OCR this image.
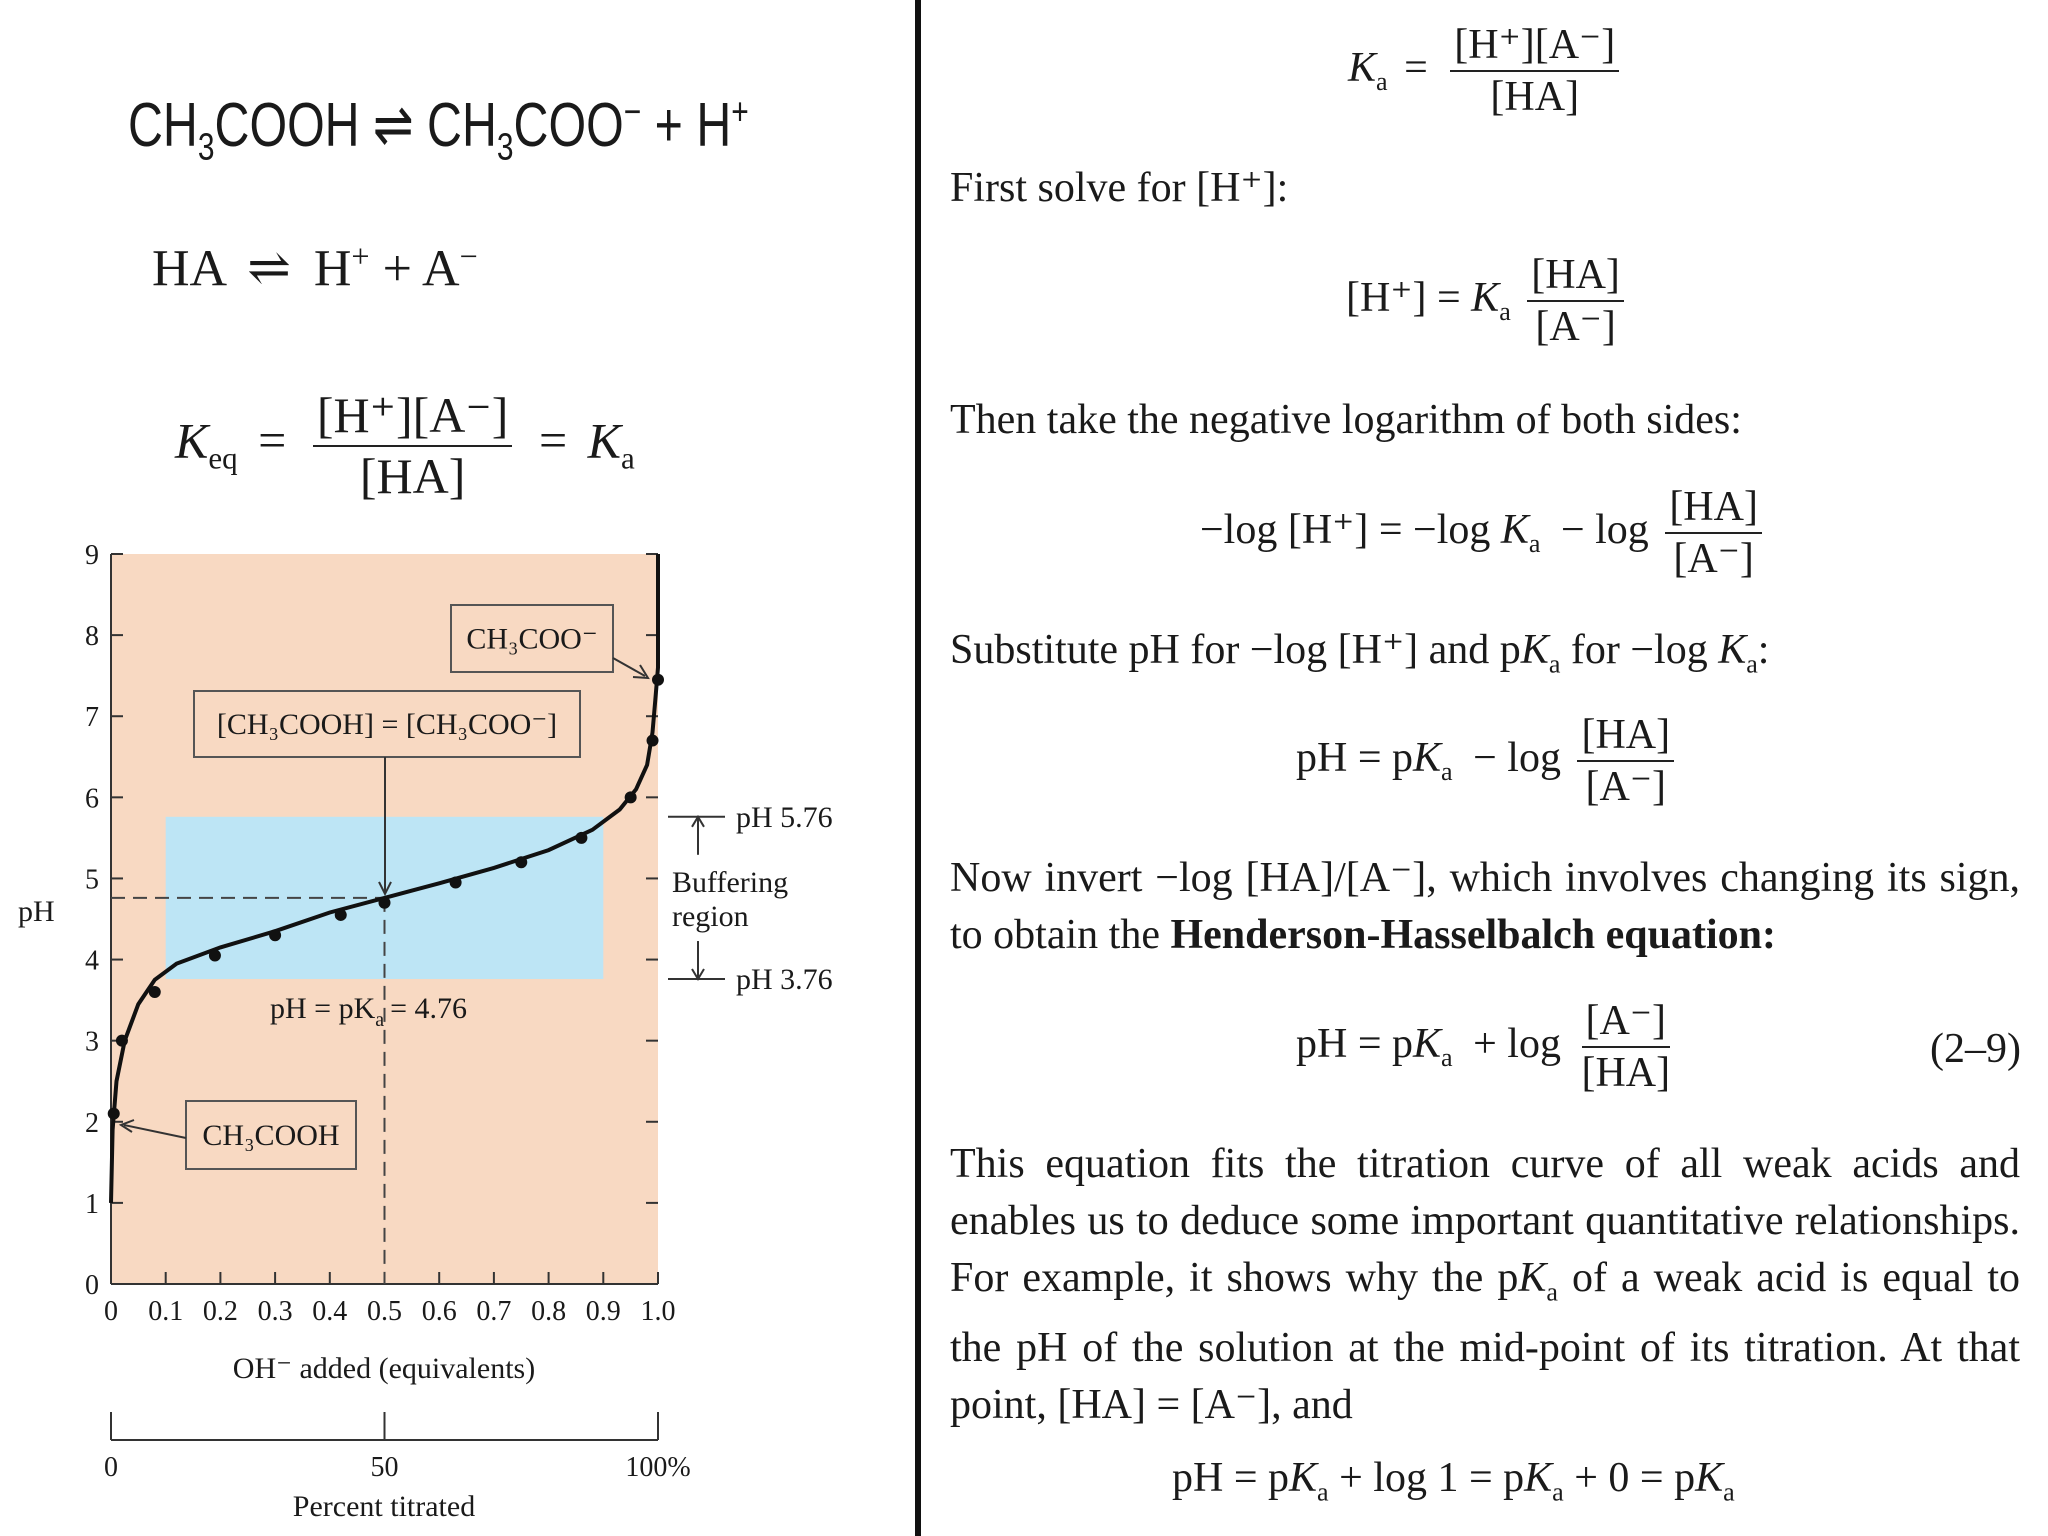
$CH_3COOH$ ⇌ $CH_3COO^- + H^+$
HA ⇌ H+ + A−
$K_{eq} = \frac{[H^+][A^-]}{[HA]} = K_a$
0
1
2
3
4
5
6
7
8
9
0 0.1 0.2 0.3 0.4 0.5 0.6 0.7 0.8 0.9 1.0
pH 5.76
pH 3.76
Buffering
region
pH = $pK_a = 4.76$
CH₃COO⁻
[CH₃COOH] = [CH₃COO⁻]
CH₃COOH
pH
OH⁻ added (equivalents)
0	50	100%
Percent titrated
$K_a = \frac{[H^+][A^-]}{[HA]}$
First solve for [H⁺]:
$[H^+] = K_a \frac{[HA]}{[A^-]}$
Then take the negative logarithm of both sides:
−log [H⁺] = −log $K_a - \log \frac{[HA]}{[A^-]}$
Substitute pH for −log [H⁺] and $pK_a$ for −log $K_a$:
pH = $pK_a - \log \frac{[HA]}{[A^-]}$
Now invert −log [HA]/[A⁻], which involves changing its sign, to obtain the Henderson-Hasselbalch equation:
pH = $pK_a + \log \frac{[A^-]}{[HA]}$	(2–9)
This equation fits the titration curve of all weak acids and enables us to deduce some important quantitative relationships. For example, it shows why the $pK_a$ of a weak acid is equal to the pH of the solution at the mid-point of its titration. At that point, [HA] = [A⁻], and
pH = $pK_a + \log 1 = pK_a + 0 = pK_a$
